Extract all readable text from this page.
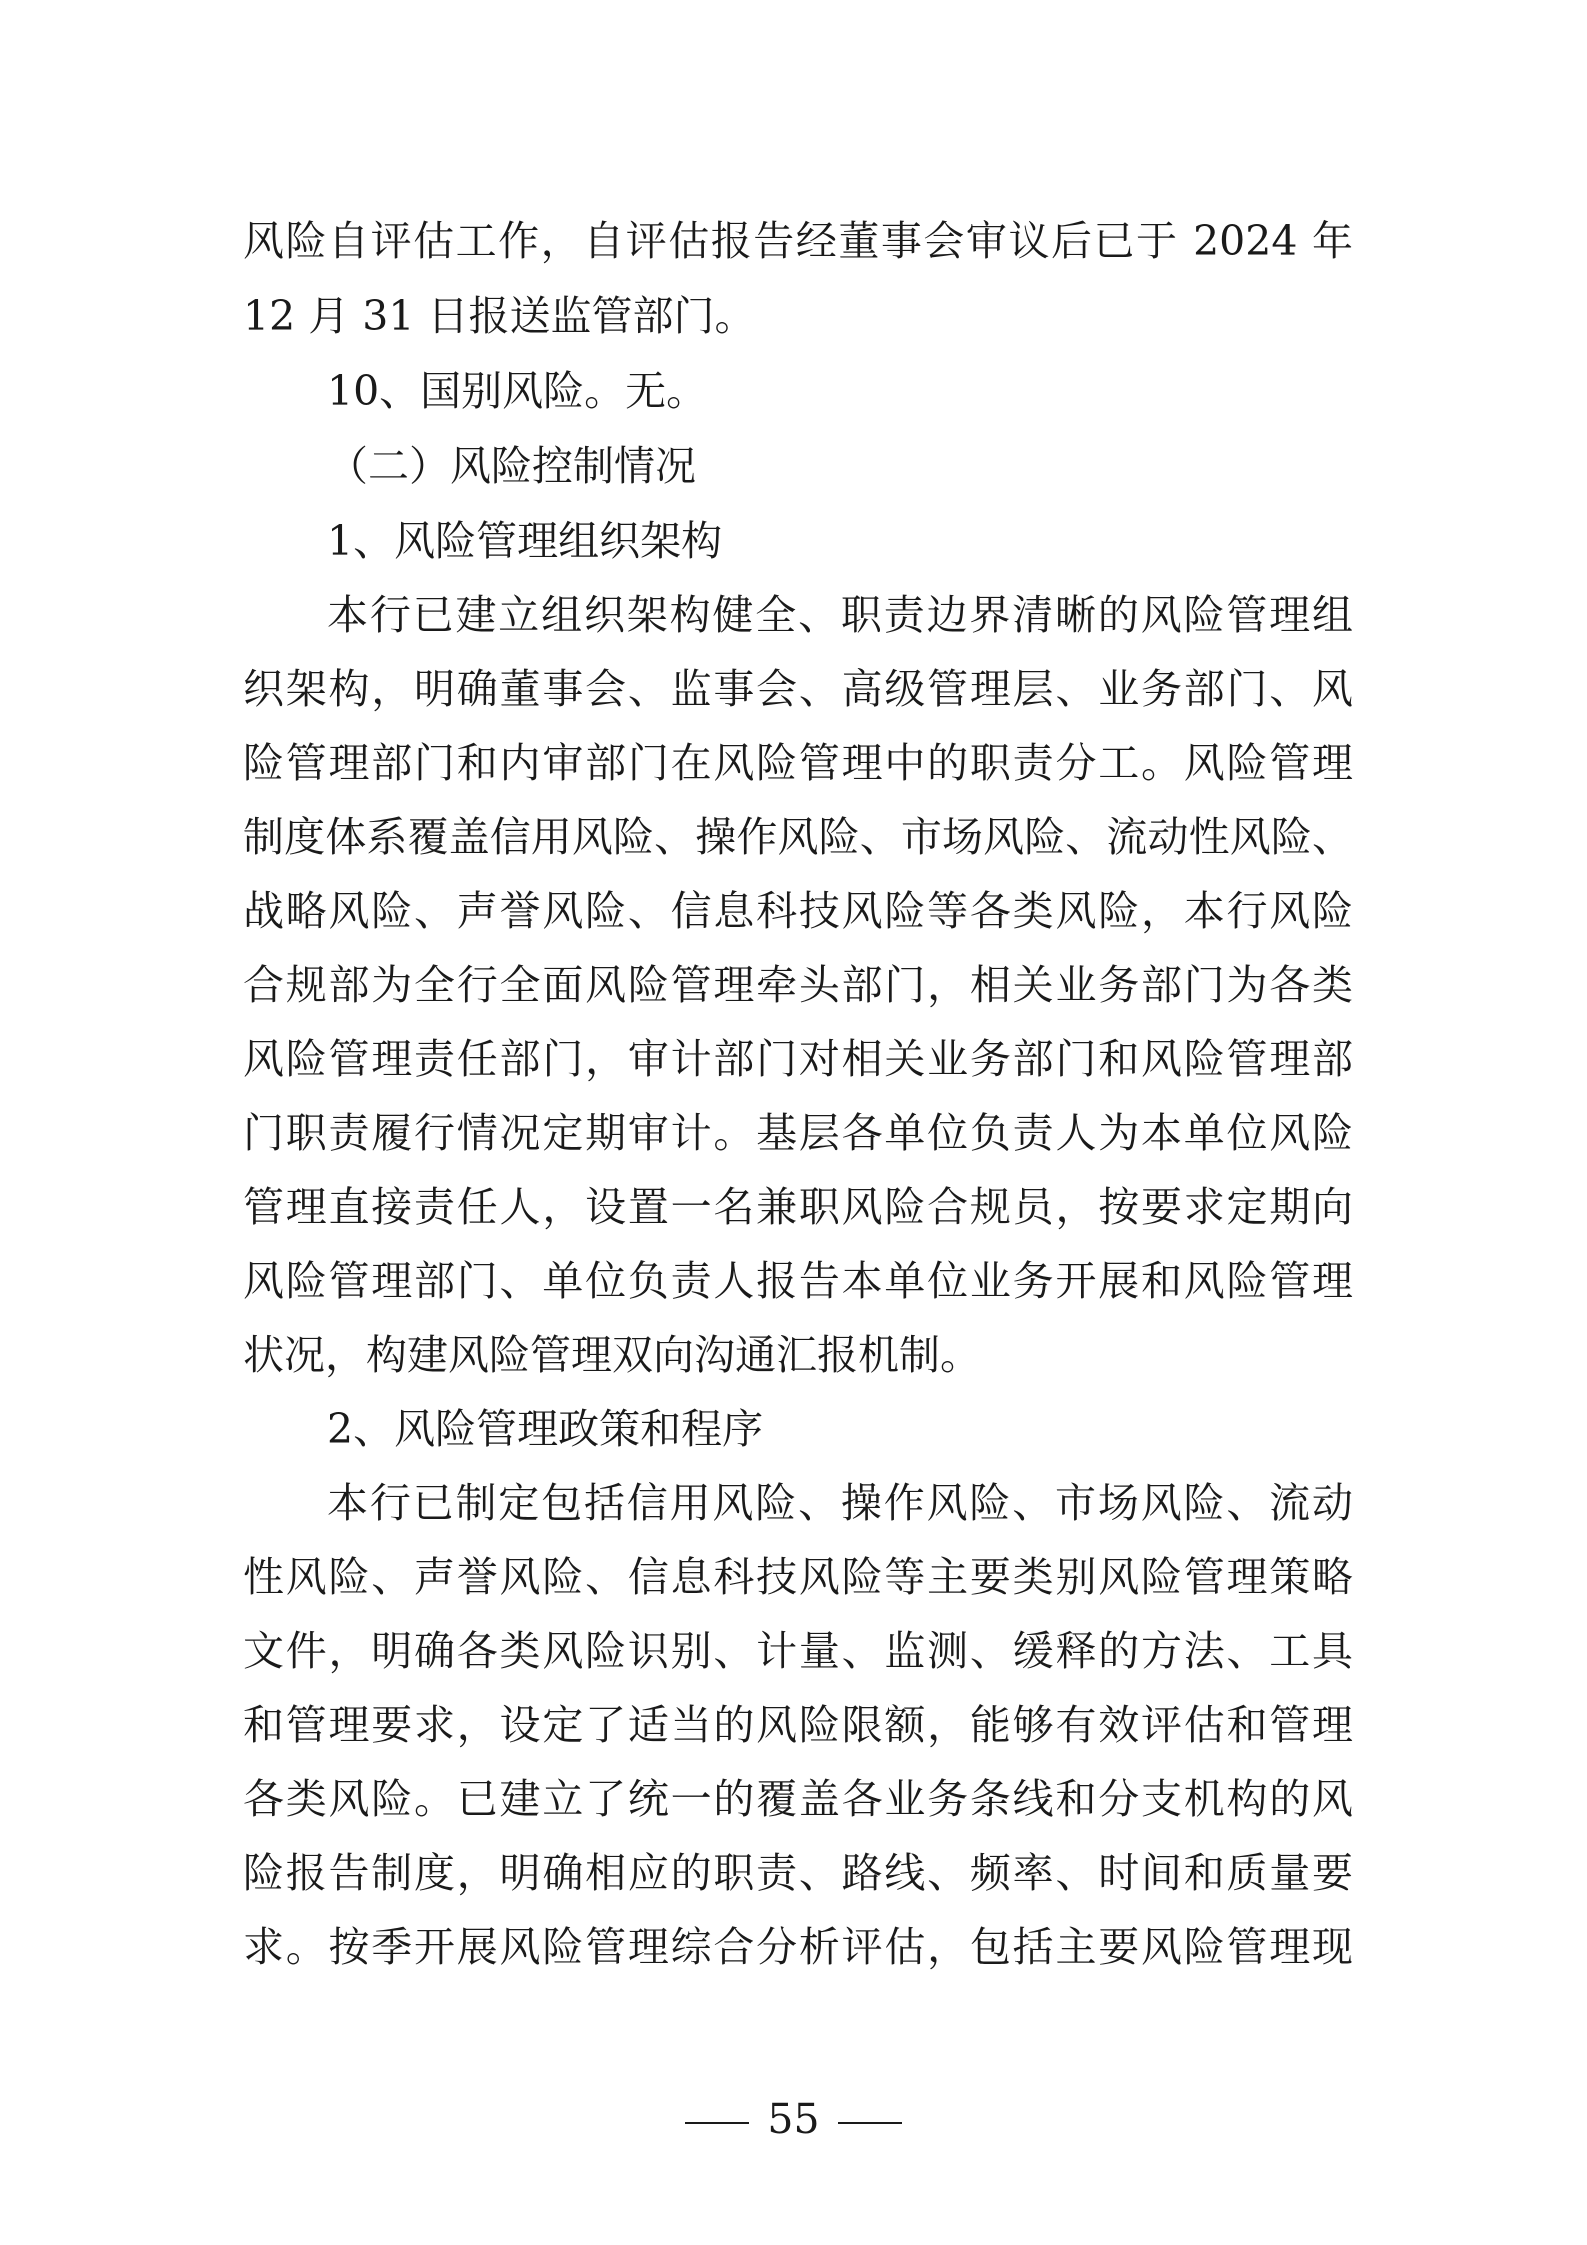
风险自评估工作，自评估报告经董事会审议后已于 2024 年
12 月 31 日报送监管部门。
10、国别风险。无。
（二）风险控制情况
1、风险管理组织架构
本行已建立组织架构健全、职责边界清晰的风险管理组
织架构，明确董事会、监事会、高级管理层、业务部门、风
险管理部门和内审部门在风险管理中的职责分工。风险管理
制度体系覆盖信用风险、操作风险、市场风险、流动性风险、
战略风险、声誉风险、信息科技风险等各类风险，本行风险
合规部为全行全面风险管理牵头部门，相关业务部门为各类
风险管理责任部门，审计部门对相关业务部门和风险管理部
门职责履行情况定期审计。基层各单位负责人为本单位风险
管理直接责任人，设置一名兼职风险合规员，按要求定期向
风险管理部门、单位负责人报告本单位业务开展和风险管理
状况，构建风险管理双向沟通汇报机制。
2、风险管理政策和程序
本行已制定包括信用风险、操作风险、市场风险、流动
性风险、声誉风险、信息科技风险等主要类别风险管理策略
文件，明确各类风险识别、计量、监测、缓释的方法、工具
和管理要求，设定了适当的风险限额，能够有效评估和管理
各类风险。已建立了统一的覆盖各业务条线和分支机构的风
险报告制度，明确相应的职责、路线、频率、时间和质量要
求。按季开展风险管理综合分析评估，包括主要风险管理现
55
